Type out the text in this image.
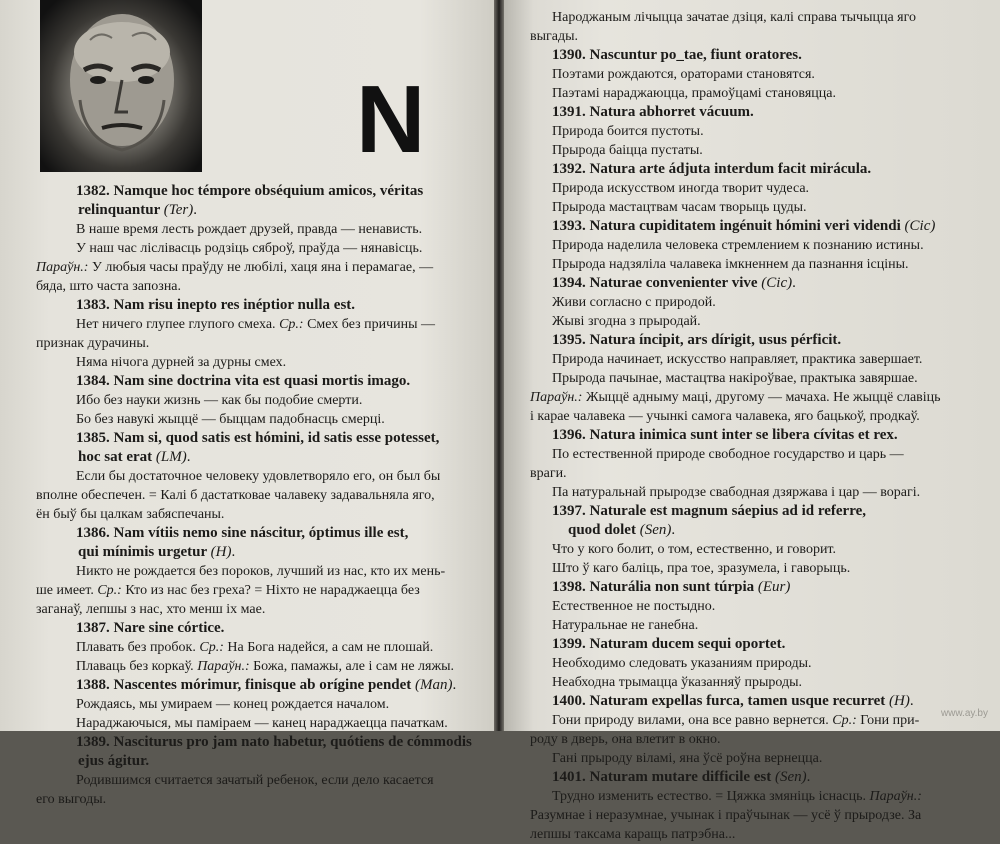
N
1382. Namque hoc témpore obséquium amicos, véritas
relinquantur (Ter).
В наше время лесть рождает друзей, правда — ненависть.
У наш час ліслівасць родзіць сяброў, праўда — нянавісць.
Параўн.: У любыя часы праўду не любілі, хаця яна і перамагае, —
бяда, што часта запозна.
1383. Nam risu inepto res inéptior nulla est.
Нет ничего глупее глупого смеха. Ср.: Смех без причины —
признак дурачины.
Няма нічога дурней за дурны смех.
1384. Nam sine doctrina vita est quasi mortis imago.
Ибо без науки жизнь — как бы подобие смерти.
Бо без навукі жыццё — быццам падобнасць смерці.
1385. Nam si, quod satis est hómini, id satis esse potesset,
hoc sat erat (LM).
Если бы достаточное человеку удовлетворяло его, он был бы
вполне обеспечен. = Калі б дастатковае чалавеку задавальняла яго,
ён быў бы цалкам забяспечаны.
1386. Nam vítiis nemo sine náscitur, óptimus ille est,
qui mínimis urgetur (H).
Никто не рождается без пороков, лучший из нас, кто их мень-
ше имеет. Ср.: Кто из нас без греха? = Ніхто не нараджаецца без
заганаў, лепшы з нас, хто менш іх мае.
1387. Nare sine córtice.
Плавать без пробок. Ср.: На Бога надейся, а сам не плошай.
Плаваць без коркаў. Параўн.: Божа, памажы, але і сам не ляжы.
1388. Nascentes mórimur, finisque ab orígine pendet (Man).
Рождаясь, мы умираем — конец рождается началом.
Нараджаючыся, мы паміраем — канец нараджаецца пачаткам.
1389. Nasciturus pro jam nato habetur, quótiens de cómmodis
ejus ágitur.
Родившимся считается зачатый ребенок, если дело касается
его выгоды.
Народжаным лічыцца зачатае дзіця, калі справа тычыцца яго
выгады.
1390. Nascuntur po_tae, fiunt oratores.
Поэтами рождаются, ораторами становятся.
Паэтамі нараджаюцца, прамоўцамі становяцца.
1391. Natura abhorret vácuum.
Природа боится пустоты.
Прырода баіцца пустаты.
1392. Natura arte ádjuta interdum facit mirácula.
Природа искусством иногда творит чудеса.
Прырода мастацтвам часам творыць цуды.
1393. Natura cupiditatem ingénuit hómini veri videndi (Cic)
Природа наделила человека стремлением к познанию истины.
Прырода надзяліла чалавека імкненнем да пазнання ісціны.
1394. Naturae convenienter vive (Cic).
Живи согласно с природой.
Жывi згодна з прыродай.
1395. Natura íncipit, ars dírigit, usus pérficit.
Природа начинает, искусство направляет, практика завершает.
Прырода пачынае, мастацтва накіроўвае, практыка завяршае.
Параўн.: Жыццё адныму мацi, другому — мачаха. Не жыццё славіць
і карае чалавека — учынкі самога чалавека, яго бацькоў, продкаў.
1396. Natura inimica sunt inter se libera cívitas et rex.
По естественной природе свободное государство и царь —
враги.
Па натуральнай прыродзе свабодная дзяржава і цар — ворагі.
1397. Naturale est magnum sáepius ad id referre,
quod dolet (Sen).
Что у кого болит, о том, естественно, и говорит.
Што ў каго баліць, пра тое, зразумела, і гаворыць.
1398. Naturália non sunt túrpia (Eur)
Естественное не постыдно.
Натуральнае не ганебна.
1399. Naturam ducem sequi oportet.
Необходимо следовать указаниям природы.
Неабходна трымацца ўказанняў прыроды.
1400. Naturam expellas furca, tamen usque recurret (H).
Гони природу вилами, она все равно вернется. Ср.: Гони при-
роду в дверь, она влетит в окно.
Гані прыроду віламі, яна ўсё роўна вернецца.
1401. Naturam mutare difficile est (Sen).
Трудно изменить естество. = Цяжка змяніць існасць. Параўн.:
Разумнае і неразумнае, учынак і праўчынак — усё ў прыродзе. За
лепшы таксама каращь патрэбна...
www.ay.by
